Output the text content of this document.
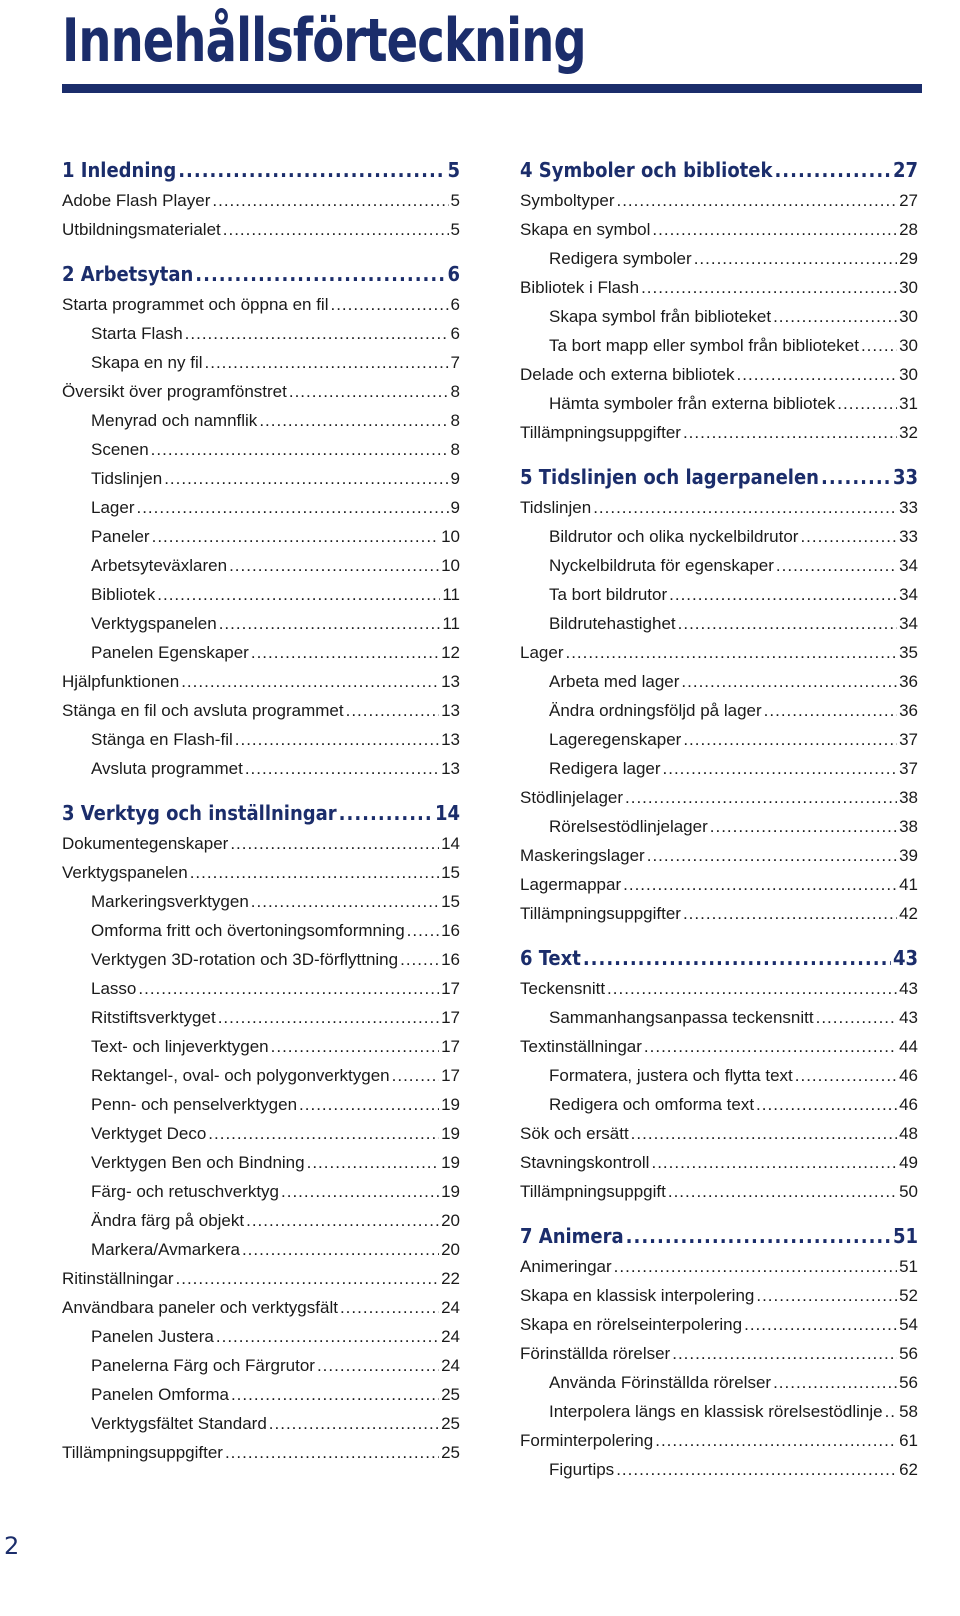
Innehållsförteckning
1 Inledning .....	5
Adobe Flash Player .....	5
Utbildningsmaterialet .....	5
2 Arbetsytan .....	6
Starta programmet och öppna en fil .....	6
Starta Flash .....	6
Skapa en ny fil .....	7
Översikt över programfönstret .....	8
Menyrad och namnflik .....	8
Scenen .....	8
Tidslinjen .....	9
Lager .....	9
Paneler .....	10
Arbetsyteväxlaren .....	10
Bibliotek .....	11
Verktygspanelen .....	11
Panelen Egenskaper .....	12
Hjälpfunktionen .....	13
Stänga en fil och avsluta programmet .....	13
Stänga en Flash-fil .....	13
Avsluta programmet .....	13
3 Verktyg och inställningar .....	14
Dokumentegenskaper .....	14
Verktygspanelen .....	15
Markeringsverktygen .....	15
Omforma fritt och övertoningsomformning ..... 16
Verktygen 3D-rotation och 3D-förflyttning .....	16
Lasso .....	17
Ritstiftsverktyget .....	17
Text- och linjeverktygen .....	17
Rektangel-, oval- och polygonverktygen .....	17
Penn- och penselverktygen .....	19
Verktyget Deco .....	19
Verktygen Ben och Bindning .....	19
Färg- och retuschverktyg .....	19
Ändra färg på objekt .....	20
Markera/Avmarkera .....	20
Ritinställningar .....	22
Användbara paneler och verktygsfält .....	24
Panelen Justera .....	24
Panelerna Färg och Färgrutor .....	24
Panelen Omforma .....	25
Verktygsfältet Standard .....	25
Tillämpningsuppgifter .....	25
4 Symboler och bibliotek .....	27
Symboltyper .....	27
Skapa en symbol .....	28
Redigera symboler .....	29
Bibliotek i Flash .....	30
Skapa symbol från biblioteket .....	30
Ta bort mapp eller symbol från biblioteket ..... 30
Delade och externa bibliotek .....	30
Hämta symboler från externa bibliotek .....	31
Tillämpningsuppgifter .....	32
5 Tidslinjen och lagerpanelen .....	33
Tidslinjen .....	33
Bildrutor och olika nyckelbildrutor .....	33
Nyckelbildruta för egenskaper .....	34
Ta bort bildrutor .....	34
Bildrutehastighet .....	34
Lager .....	35
Arbeta med lager .....	36
Ändra ordningsföljd på lager .....	36
Lageregenskaper .....	37
Redigera lager .....	37
Stödlinjelager .....	38
Rörelsestödlinjelager .....	38
Maskeringslager .....	39
Lagermappar .....	41
Tillämpningsuppgifter .....	42
6 Text .....	43
Teckensnitt .....	43
Sammanhangsanpassa teckensnitt .....	43
Textinställningar .....	44
Formatera, justera och flytta text .....	46
Redigera och omforma text .....	46
Sök och ersätt .....	48
Stavningskontroll .....	49
Tillämpningsuppgift .....	50
7 Animera .....	51
Animeringar .....	51
Skapa en klassisk interpolering .....	52
Skapa en rörelseinterpolering .....	54
Förinställda rörelser .....	56
Använda Förinställda rörelser .....	56
Interpolera längs en klassisk rörelsestödlinje ..... 58
Forminterpolering .....	61
Figurtips .....	62
2
